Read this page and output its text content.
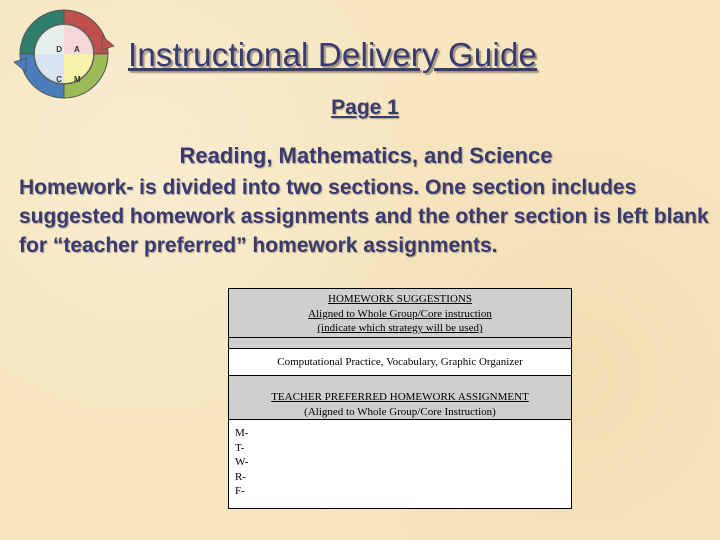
D A
C M
Instructional Delivery Guide
Page 1
Reading, Mathematics, and Science
Homework- is divided into two sections. One section includes suggested homework assignments and the other section is left blank for “teacher preferred” homework assignments.
HOMEWORK SUGGESTIONS
Aligned to Whole Group/Core instruction
(indicate which strategy will be used)
Computational Practice, Vocabulary, Graphic Organizer
TEACHER PREFERRED HOMEWORK ASSIGNMENT
(Aligned to Whole Group/Core Instruction)
M-
T-
W-
R-
F-
